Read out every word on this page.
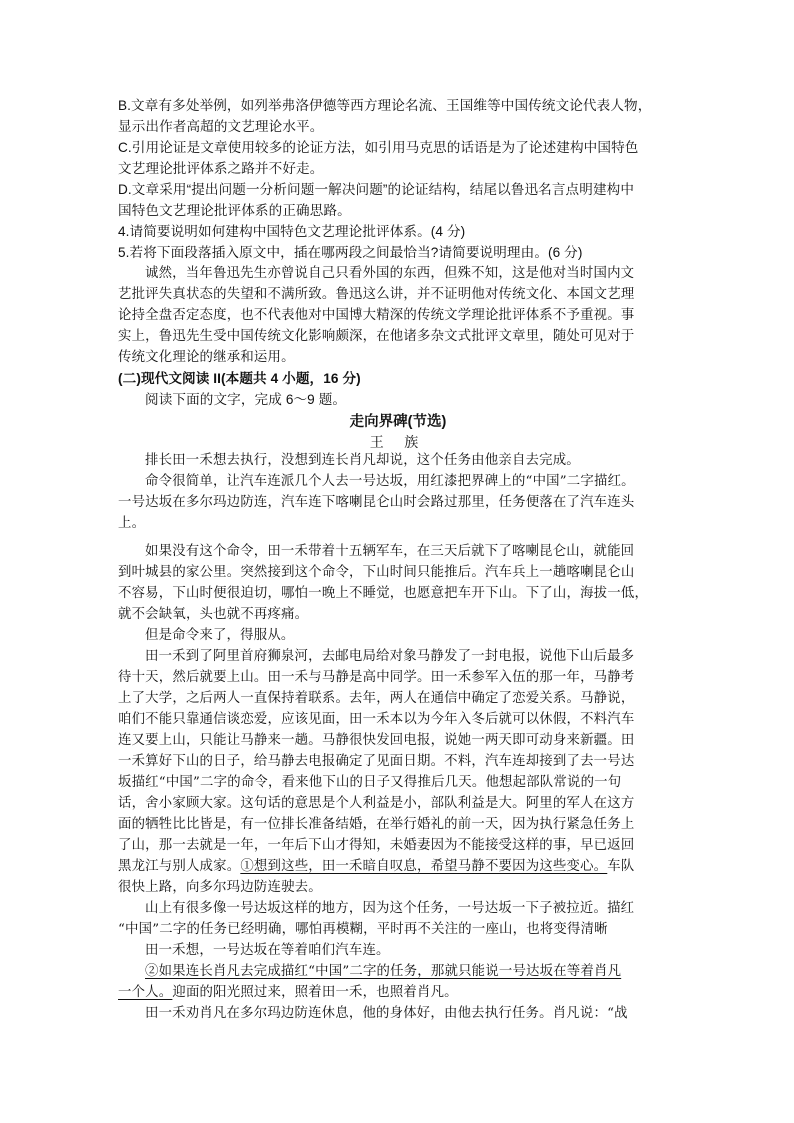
B.文章有多处举例，如列举弗洛伊德等西方理论名流、王国维等中国传统文论代表人物，
显示出作者高超的文艺理论水平。
C.引用论证是文章使用较多的论证方法，如引用马克思的话语是为了论述建构中国特色
文艺理论批评体系之路并不好走。
D.文章采用“提出问题一分析问题一解决问题”的论证结构，结尾以鲁迅名言点明建构中
国特色文艺理论批评体系的正确思路。
4.请简要说明如何建构中国特色文艺理论批评体系。(4 分)
5.若将下面段落插入原文中，插在哪两段之间最恰当?请简要说明理由。(6 分)
诚然，当年鲁迅先生亦曾说自己只看外国的东西，但殊不知，这是他对当时国内文
艺批评失真状态的失望和不满所致。鲁迅这么讲，并不证明他对传统文化、本国文艺理
论持全盘否定态度，也不代表他对中国博大精深的传统文学理论批评体系不予重视。事
实上，鲁迅先生受中国传统文化影响颇深，在他诸多杂文式批评文章里，随处可见对于
传统文化理论的继承和运用。
(二)现代文阅读 II(本题共 4 小题，16 分)
阅读下面的文字，完成 6～9 题。
走向界碑(节选)
王 族
排长田一禾想去执行，没想到连长肖凡却说，这个任务由他亲自去完成。
命令很简单，让汽车连派几个人去一号达坂，用红漆把界碑上的“中国”二字描红。
一号达坂在多尔玛边防连，汽车连下喀喇昆仑山时会路过那里，任务便落在了汽车连头
上。
如果没有这个命令，田一禾带着十五辆军车，在三天后就下了喀喇昆仑山，就能回
到叶城县的家公里。突然接到这个命令，下山时间只能推后。汽车兵上一趟喀喇昆仑山
不容易，下山时便很迫切，哪怕一晚上不睡觉，也愿意把车开下山。下了山，海拔一低，
就不会缺氧，头也就不再疼痛。
但是命令来了，得服从。
田一禾到了阿里首府狮泉河，去邮电局给对象马静发了一封电报，说他下山后最多
待十天，然后就要上山。田一禾与马静是高中同学。田一禾参军入伍的那一年，马静考
上了大学，之后两人一直保持着联系。去年，两人在通信中确定了恋爱关系。马静说，
咱们不能只靠通信谈恋爱，应该见面，田一禾本以为今年入冬后就可以休假，不料汽车
连又要上山，只能让马静来一趟。马静很快发回电报，说她一两天即可动身来新疆。田
一禾算好下山的日子，给马静去电报确定了见面日期。不料，汽车连却接到了去一号达
坂描红“中国”二字的命令，看来他下山的日子又得推后几天。他想起部队常说的一句
话，舍小家顾大家。这句话的意思是个人利益是小，部队利益是大。阿里的军人在这方
面的牺牲比比皆是，有一位排长准备结婚，在举行婚礼的前一天，因为执行紧急任务上
了山，那一去就是一年，一年后下山才得知，未婚妻因为不能接受这样的事，早已返回
黑龙江与别人成家。①想到这些，田一禾暗自叹息，希望马静不要因为这些变心。车队
很快上路，向多尔玛边防连驶去。
山上有很多像一号达坂这样的地方，因为这个任务，一号达坂一下子被拉近。描红
“中国”二字的任务已经明确，哪怕再模糊，平时再不关注的一座山，也将变得清晰
田一禾想，一号达坂在等着咱们汽车连。
②如果连长肖凡去完成描红“中国”二字的任务，那就只能说一号达坂在等着肖凡
一个人。迎面的阳光照过来，照着田一禾，也照着肖凡。
田一禾劝肖凡在多尔玛边防连休息，他的身体好，由他去执行任务。肖凡说：“战
